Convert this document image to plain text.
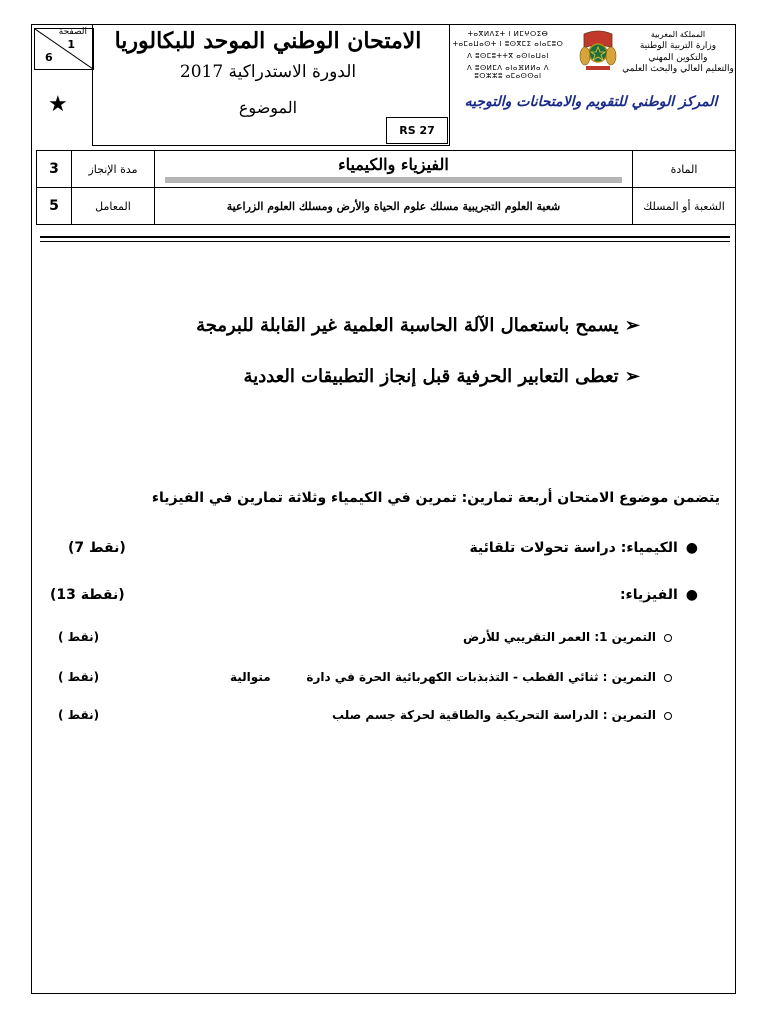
الصفحة
1
6
★
الامتحان الوطني الموحد للبكالوريا
الدورة الاستدراكية 2017
الموضوع
RS 27
ⵜⴰⴳⵍⴷⵉⵜ ⵏ ⵍⵎⵖⵔⵉⴱ
ⵜⴰⵎⴰⵡⴰⵙⵜ ⵏ ⵓⵙⴳⵎⵉ ⴰⵏⴰⵎⵓⵔ
ⴷ ⵓⵙⵎⵓⵜⵜⴳ ⴰⵙⵏⴰⵡⴰⵏ
ⴷ ⵓⵙⵍⵎⴷ ⴰⵏⴰⴼⵍⵍⴰ ⴷ ⵓⵔⵣⵣⵓ ⴰⵎⴰⵙⵙⴰⵏ
المملكة المغربية
وزارة التربية الوطنية
والتكوين المهني
والتعليم العالي والبحث العلمي
المركز الوطني للتقويم والامتحانات والتوجيه
3	مدة الإنجاز	الفيزياء والكيمياء	المادة
5	المعامل	شعبة العلوم التجريبية مسلك علوم الحياة والأرض ومسلك العلوم الزراعية	الشعبة أو المسلك
➢ يسمح باستعمال الآلة الحاسبة العلمية غير القابلة للبرمجة
➢ تعطى التعابير الحرفية قبل إنجاز التطبيقات العددية
يتضمن موضوع الامتحان أربعة تمارين: تمرين في الكيمياء وثلاثة تمارين في الفيزياء
●الكيمياء: دراسة تحولات تلقائية
(7 نقط)
●الفيزياء:
(13 نقطة)
التمرين 1: العمر التقريبي للأرض
( نقط)
التمرين : ثنائي القطب - التذبذبات الكهربائية الحرة في دارة
متوالية
( نقط)
التمرين : الدراسة التحريكية والطاقية لحركة جسم صلب
( نقط)
